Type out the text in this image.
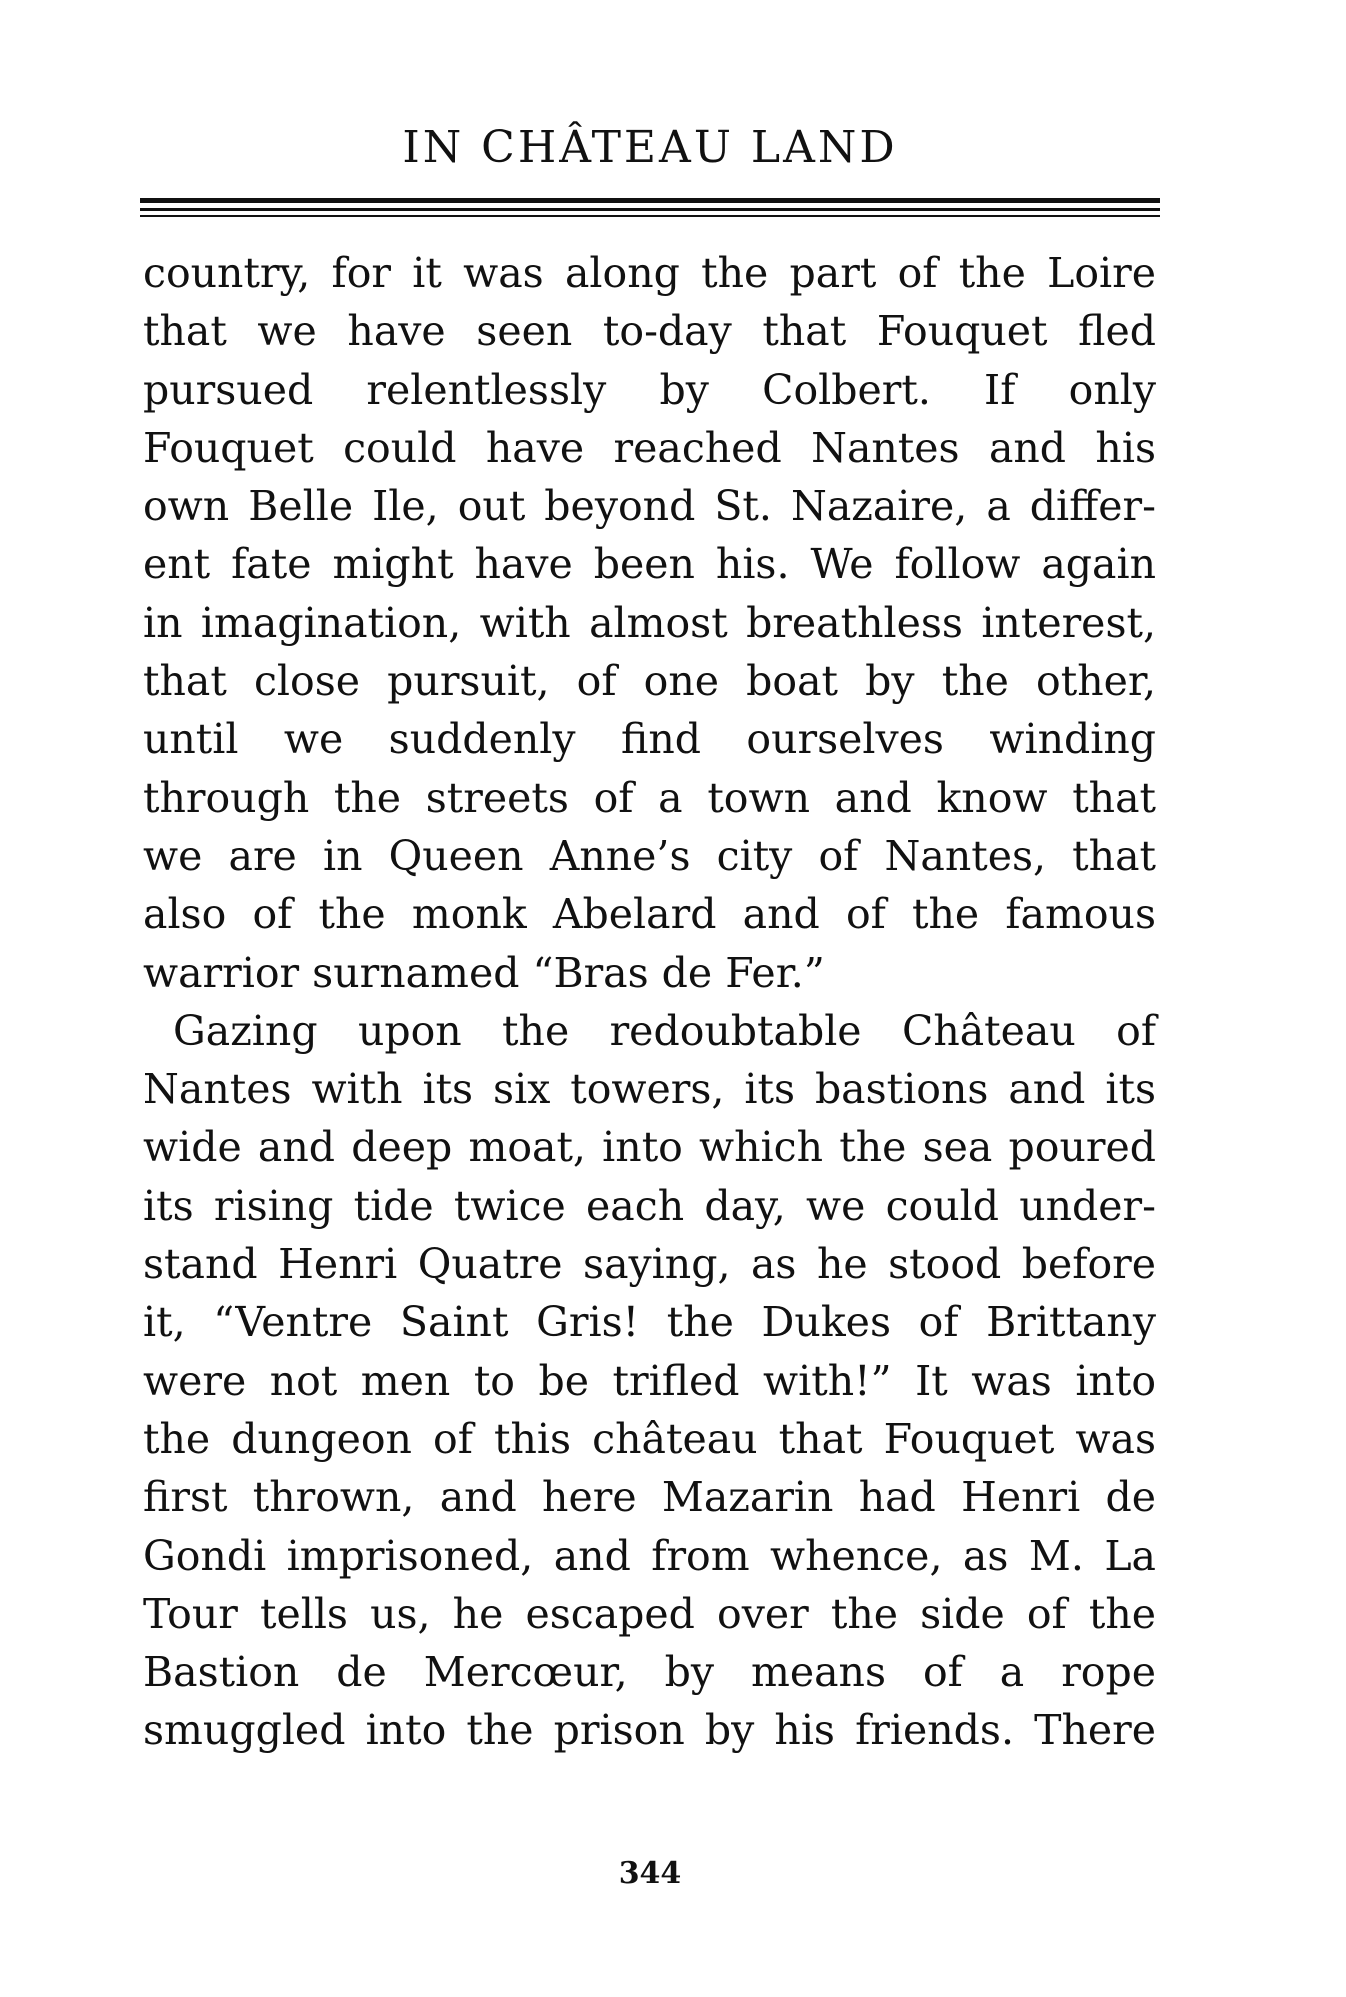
IN CHÂTEAU LAND
country, for it was along the part of the Loire
that we have seen to-day that Fouquet fled
pursued relentlessly by Colbert. If only
Fouquet could have reached Nantes and his
own Belle Ile, out beyond St. Nazaire, a differ-
ent fate might have been his. We follow again
in imagination, with almost breathless interest,
that close pursuit, of one boat by the other,
until we suddenly find ourselves winding
through the streets of a town and know that
we are in Queen Anne’s city of Nantes, that
also of the monk Abelard and of the famous
warrior surnamed “Bras de Fer.”
Gazing upon the redoubtable Château of
Nantes with its six towers, its bastions and its
wide and deep moat, into which the sea poured
its rising tide twice each day, we could under-
stand Henri Quatre saying, as he stood before
it, “Ventre Saint Gris! the Dukes of Brittany
were not men to be trifled with!” It was into
the dungeon of this château that Fouquet was
first thrown, and here Mazarin had Henri de
Gondi imprisoned, and from whence, as M. La
Tour tells us, he escaped over the side of the
Bastion de Mercœur, by means of a rope
smuggled into the prison by his friends. There
344
